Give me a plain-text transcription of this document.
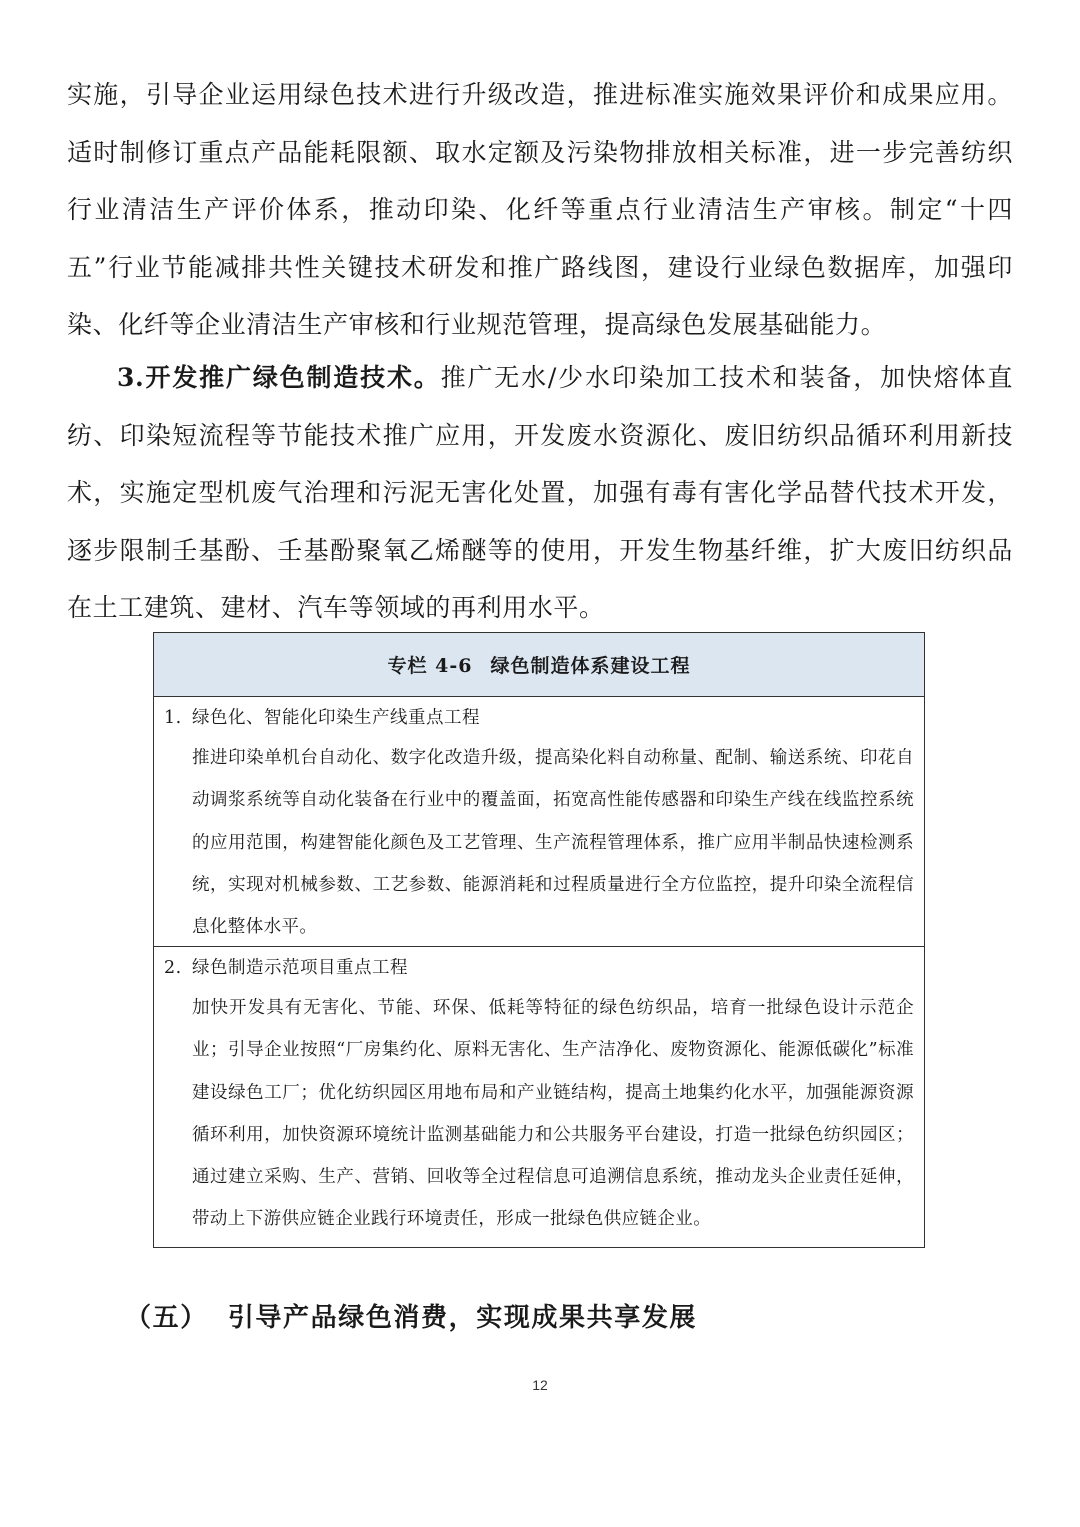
实施，引导企业运用绿色技术进行升级改造，推进标准实施效果评价和成果应用。适时制修订重点产品能耗限额、取水定额及污染物排放相关标准，进一步完善纺织行业清洁生产评价体系，推动印染、化纤等重点行业清洁生产审核。制定“十四五”行业节能减排共性关键技术研发和推广路线图，建设行业绿色数据库，加强印染、化纤等企业清洁生产审核和行业规范管理，提高绿色发展基础能力。

3.开发推广绿色制造技术。推广无水/少水印染加工技术和装备，加快熔体直纺、印染短流程等节能技术推广应用，开发废水资源化、废旧纺织品循环利用新技术，实施定型机废气治理和污泥无害化处置，加强有毒有害化学品替代技术开发，逐步限制壬基酚、壬基酚聚氧乙烯醚等的使用，开发生物基纤维，扩大废旧纺织品在土工建筑、建材、汽车等领域的再利用水平。

专栏 4-6 绿色制造体系建设工程

1. 绿色化、智能化印染生产线重点工程

推进印染单机台自动化、数字化改造升级，提高染化料自动称量、配制、输送系统、印花自动调浆系统等自动化装备在行业中的覆盖面，拓宽高性能传感器和印染生产线在线监控系统的应用范围，构建智能化颜色及工艺管理、生产流程管理体系，推广应用半制品快速检测系统，实现对机械参数、工艺参数、能源消耗和过程质量进行全方位监控，提升印染全流程信息化整体水平。

2. 绿色制造示范项目重点工程

加快开发具有无害化、节能、环保、低耗等特征的绿色纺织品，培育一批绿色设计示范企业；引导企业按照“厂房集约化、原料无害化、生产洁净化、废物资源化、能源低碳化”标准建设绿色工厂；优化纺织园区用地布局和产业链结构，提高土地集约化水平，加强能源资源循环利用，加快资源环境统计监测基础能力和公共服务平台建设，打造一批绿色纺织园区；通过建立采购、生产、营销、回收等全过程信息可追溯信息系统，推动龙头企业责任延伸，带动上下游供应链企业践行环境责任，形成一批绿色供应链企业。

（五） 引导产品绿色消费，实现成果共享发展

12
